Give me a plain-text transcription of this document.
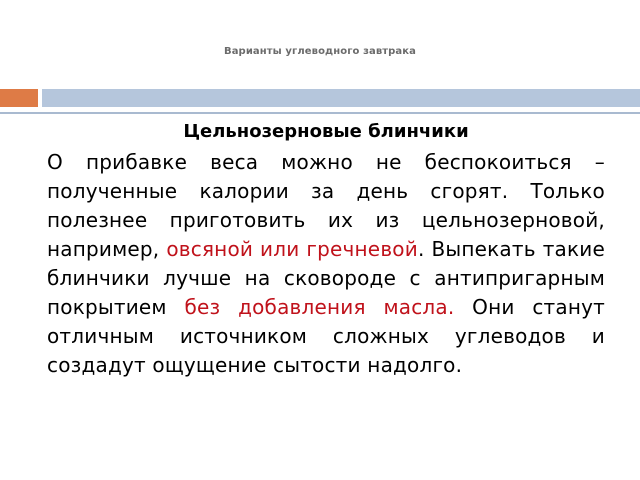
Варианты углеводного завтрака

Цельнозерновые блинчики

О прибавке веса можно не беспокоиться – полученные калории за день сгорят. Только полезнее приготовить их из цельнозерновой, например, овсяной или гречневой. Выпекать такие блинчики лучше на сковороде с антипригарным покрытием без добавления масла. Они станут отличным источником сложных углеводов и создадут ощущение сытости надолго.
